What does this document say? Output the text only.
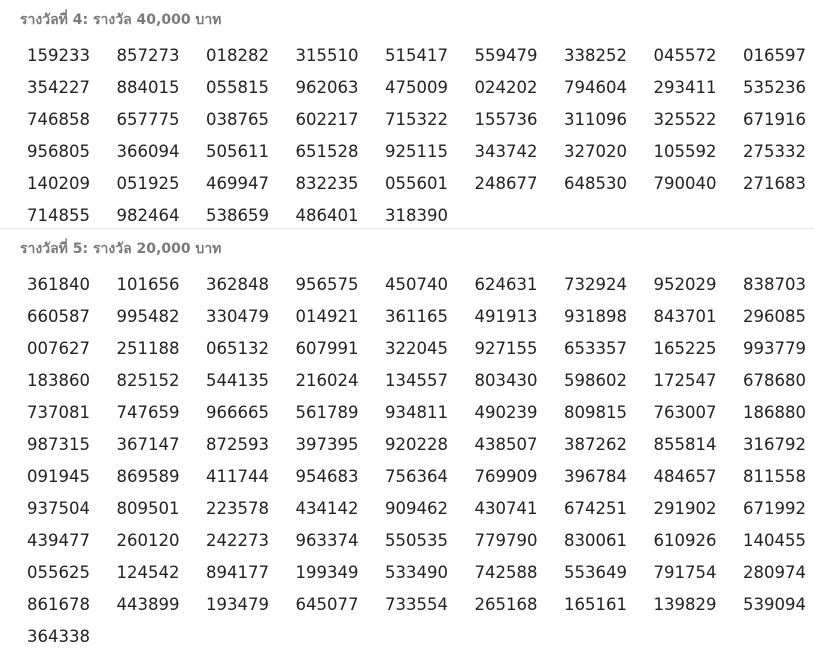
รางวัลที่ 4: รางวัล 40,000 บาท
159233	857273	018282	315510	515417	559479	338252	045572	016597
354227	884015	055815	962063	475009	024202	794604	293411	535236
746858	657775	038765	602217	715322	155736	311096	325522	671916
956805	366094	505611	651528	925115	343742	327020	105592	275332
140209	051925	469947	832235	055601	248677	648530	790040	271683
714855	982464	538659	486401	318390
รางวัลที่ 5: รางวัล 20,000 บาท
361840	101656	362848	956575	450740	624631	732924	952029	838703
660587	995482	330479	014921	361165	491913	931898	843701	296085
007627	251188	065132	607991	322045	927155	653357	165225	993779
183860	825152	544135	216024	134557	803430	598602	172547	678680
737081	747659	966665	561789	934811	490239	809815	763007	186880
987315	367147	872593	397395	920228	438507	387262	855814	316792
091945	869589	411744	954683	756364	769909	396784	484657	811558
937504	809501	223578	434142	909462	430741	674251	291902	671992
439477	260120	242273	963374	550535	779790	830061	610926	140455
055625	124542	894177	199349	533490	742588	553649	791754	280974
861678	443899	193479	645077	733554	265168	165161	139829	539094
364338
